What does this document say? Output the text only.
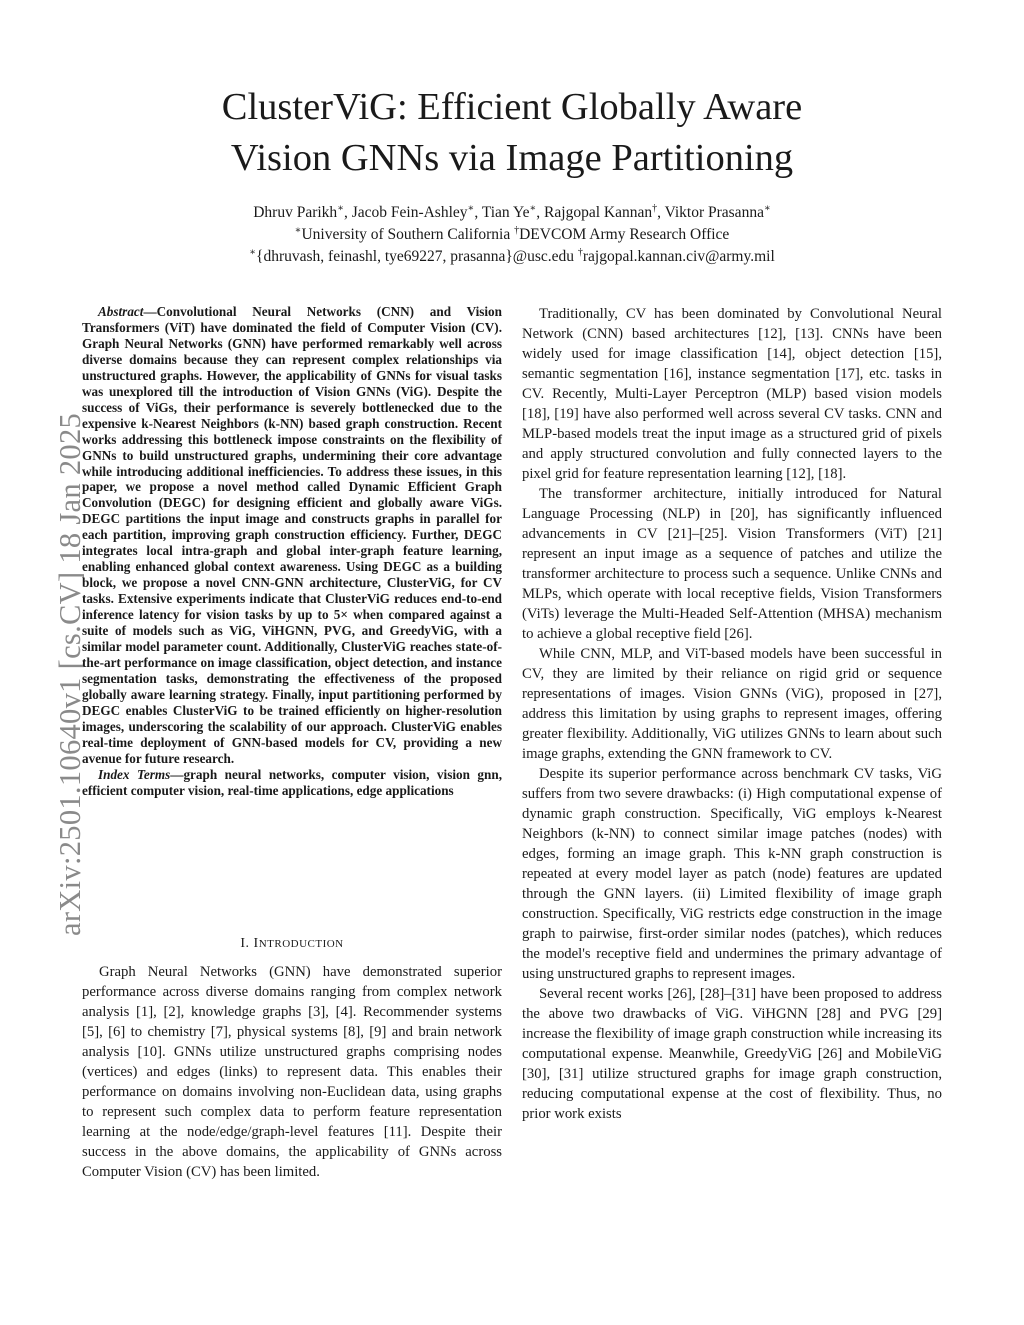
ClusterViG: Efficient Globally Aware
Vision GNNs via Image Partitioning
Dhruv Parikh∗, Jacob Fein-Ashley∗, Tian Ye∗, Rajgopal Kannan†, Viktor Prasanna∗
∗University of Southern California †DEVCOM Army Research Office
∗{dhruvash, feinashl, tye69227, prasanna}@usc.edu †rajgopal.kannan.civ@army.mil
arXiv:2501.10640v1 [cs.CV] 18 Jan 2025

Abstract—Convolutional Neural Networks (CNN) and Vision Transformers (ViT) have dominated the field of Computer Vision (CV). Graph Neural Networks (GNN) have performed remarkably well across diverse domains because they can represent complex relationships via unstructured graphs. However, the applicability of GNNs for visual tasks was unexplored till the introduction of Vision GNNs (ViG). Despite the success of ViGs, their performance is severely bottlenecked due to the expensive k-Nearest Neighbors (k-NN) based graph construction. Recent works addressing this bottleneck impose constraints on the flexibility of GNNs to build unstructured graphs, undermining their core advantage while introducing additional inefficiencies. To address these issues, in this paper, we propose a novel method called Dynamic Efficient Graph Convolution (DEGC) for designing efficient and globally aware ViGs. DEGC partitions the input image and constructs graphs in parallel for each partition, improving graph construction efficiency. Further, DEGC integrates local intra-graph and global inter-graph feature learning, enabling enhanced global context awareness. Using DEGC as a building block, we propose a novel CNN-GNN architecture, ClusterViG, for CV tasks. Extensive experiments indicate that ClusterViG reduces end-to-end inference latency for vision tasks by up to 5× when compared against a suite of models such as ViG, ViHGNN, PVG, and GreedyViG, with a similar model parameter count. Additionally, ClusterViG reaches state-of-the-art performance on image classification, object detection, and instance segmentation tasks, demonstrating the effectiveness of the proposed globally aware learning strategy. Finally, input partitioning performed by DEGC enables ClusterViG to be trained efficiently on higher-resolution images, underscoring the scalability of our approach. ClusterViG enables real-time deployment of GNN-based models for CV, providing a new avenue for future research.

Index Terms—graph neural networks, computer vision, vision gnn, efficient computer vision, real-time applications, edge applications

I. INTRODUCTION

Graph Neural Networks (GNN) have demonstrated superior performance across diverse domains ranging from complex network analysis [1], [2], knowledge graphs [3], [4]. Recommender systems [5], [6] to chemistry [7], physical systems [8], [9] and brain network analysis [10]. GNNs utilize unstructured graphs comprising nodes (vertices) and edges (links) to represent data. This enables their performance on domains involving non-Euclidean data, using graphs to represent such complex data to perform feature representation learning at the node/edge/graph-level features [11]. Despite their success in the above domains, the applicability of GNNs across Computer Vision (CV) has been limited.

Traditionally, CV has been dominated by Convolutional Neural Network (CNN) based architectures [12], [13]. CNNs have been widely used for image classification [14], object detection [15], semantic segmentation [16], instance segmentation [17], etc. tasks in CV. Recently, Multi-Layer Perceptron (MLP) based vision models [18], [19] have also performed well across several CV tasks. CNN and MLP-based models treat the input image as a structured grid of pixels and apply structured convolution and fully connected layers to the pixel grid for feature representation learning [12], [18].

The transformer architecture, initially introduced for Natural Language Processing (NLP) in [20], has significantly influenced advancements in CV [21]–[25]. Vision Transformers (ViT) [21] represent an input image as a sequence of patches and utilize the transformer architecture to process such a sequence. Unlike CNNs and MLPs, which operate with local receptive fields, Vision Transformers (ViTs) leverage the Multi-Headed Self-Attention (MHSA) mechanism to achieve a global receptive field [26].

While CNN, MLP, and ViT-based models have been successful in CV, they are limited by their reliance on rigid grid or sequence representations of images. Vision GNNs (ViG), proposed in [27], address this limitation by using graphs to represent images, offering greater flexibility. Additionally, ViG utilizes GNNs to learn about such image graphs, extending the GNN framework to CV.

Despite its superior performance across benchmark CV tasks, ViG suffers from two severe drawbacks: (i) High computational expense of dynamic graph construction. Specifically, ViG employs k-Nearest Neighbors (k-NN) to connect similar image patches (nodes) with edges, forming an image graph. This k-NN graph construction is repeated at every model layer as patch (node) features are updated through the GNN layers. (ii) Limited flexibility of image graph construction. Specifically, ViG restricts edge construction in the image graph to pairwise, first-order similar nodes (patches), which reduces the model's receptive field and undermines the primary advantage of using unstructured graphs to represent images.

Several recent works [26], [28]–[31] have been proposed to address the above two drawbacks of ViG. ViHGNN [28] and PVG [29] increase the flexibility of image graph construction while increasing its computational expense. Meanwhile, GreedyViG [26] and MobileViG [30], [31] utilize structured graphs for image graph construction, reducing computational expense at the cost of flexibility. Thus, no prior work exists
